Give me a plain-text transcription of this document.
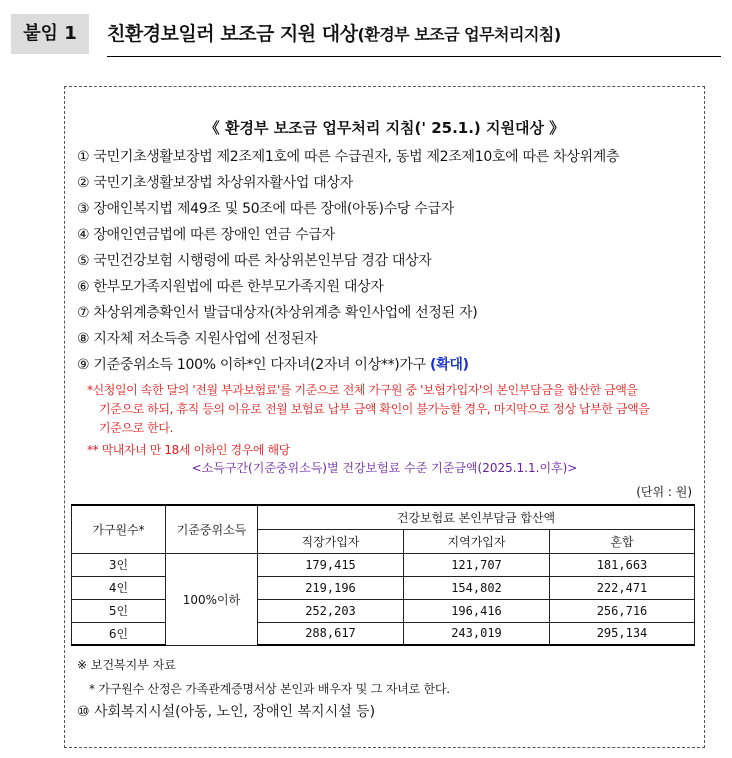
붙임 1	친환경보일러 보조금 지원 대상(환경부 보조금 업무처리지침)
《 환경부 보조금 업무처리 지침(' 25.1.) 지원대상 》
① 국민기초생활보장법 제2조제1호에 따른 수급권자, 동법 제2조제10호에 따른 차상위계층
② 국민기초생활보장법 차상위자활사업 대상자
③ 장애인복지법 제49조 및 50조에 따른 장애(아동)수당 수급자
④ 장애인연금법에 따른 장애인 연금 수급자
⑤ 국민건강보험 시행령에 따른 차상위본인부담 경감 대상자
⑥ 한부모가족지원법에 따른 한부모가족지원 대상자
⑦ 차상위계층확인서 발급대상자(차상위계층 확인사업에 선정된 자)
⑧ 지자체 저소득층 지원사업에 선정된자
⑨ 기준중위소득 100% 이하*인 다자녀(2자녀 이상**)가구 (확대)
*신청일이 속한 달의 '전월 부과보험료'를 기준으로 전체 가구원 중 '보험가입자'의 본인부담금을 합산한 금액을
기준으로 하되, 휴직 등의 이유로 전월 보험료 납부 금액 확인이 불가능할 경우, 마지막으로 정상 납부한 금액을
기준으로 한다.
** 막내자녀 만 18세 이하인 경우에 해당
<소득구간(기준중위소득)별 건강보험료 수준 기준금액(2025.1.1.이후)>
(단위 : 원)
가구원수*	기준중위소득	건강보험료 본인부담금 합산액		
		직장가입자	지역가입자	혼합
3인	100%이하	179,415	121,707	181,663
4인		219,196	154,802	222,471
5인		252,203	196,416	256,716
6인		288,617	243,019	295,134
※ 보건복지부 자료
* 가구원수 산정은 가족관계증명서상 본인과 배우자 및 그 자녀로 한다.
⑩ 사회복지시설(아동, 노인, 장애인 복지시설 등)
